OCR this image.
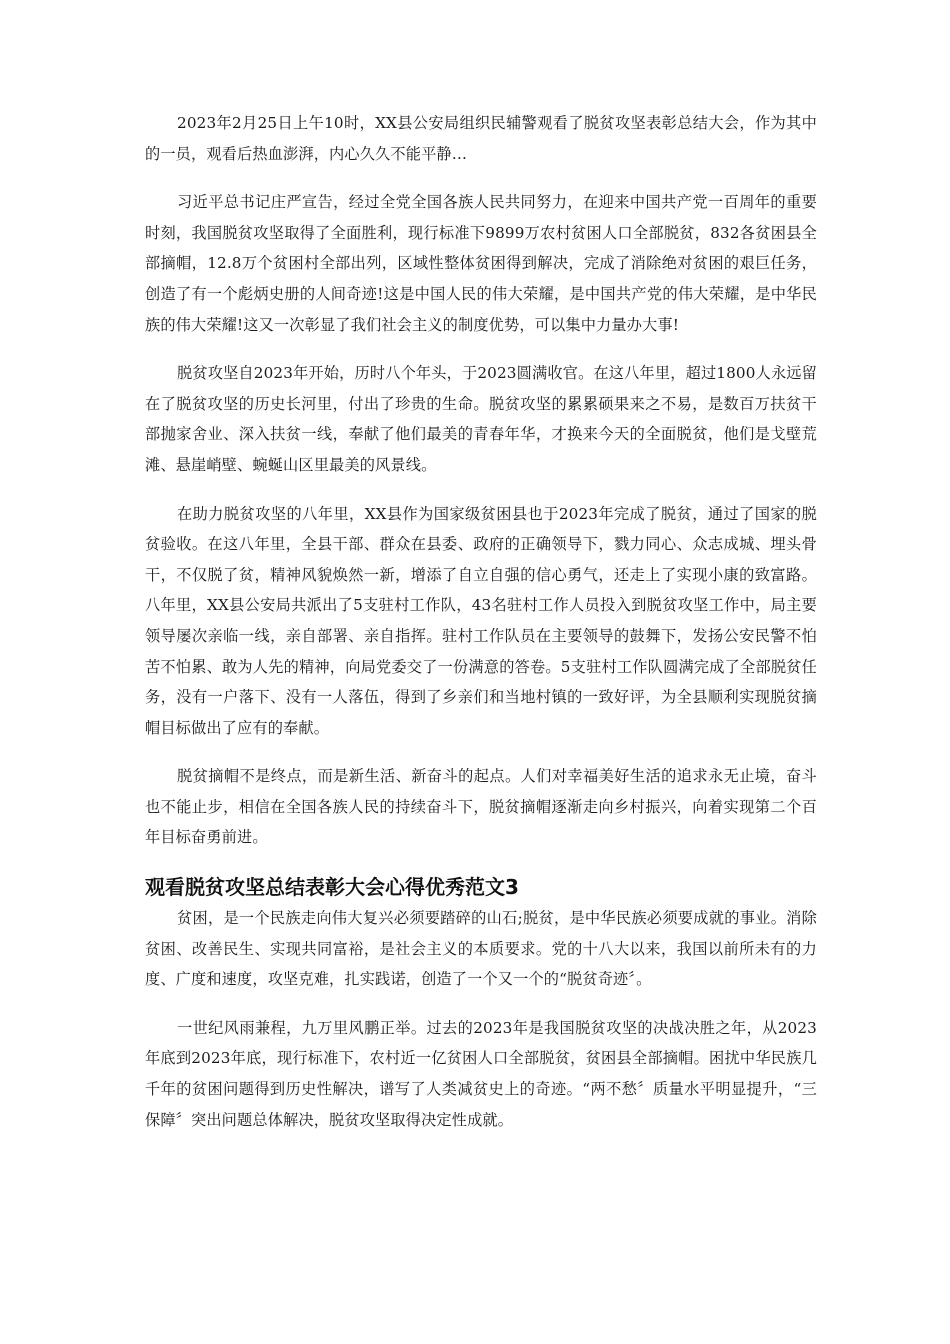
2023年2月25日上午10时，XX县公安局组织民辅警观看了脱贫攻坚表彰总结大会，作为其中的一员，观看后热血澎湃，内心久久不能平静…

习近平总书记庄严宣告，经过全党全国各族人民共同努力，在迎来中国共产党一百周年的重要时刻，我国脱贫攻坚取得了全面胜利，现行标准下9899万农村贫困人口全部脱贫，832各贫困县全部摘帽，12.8万个贫困村全部出列，区域性整体贫困得到解决，完成了消除绝对贫困的艰巨任务，创造了有一个彪炳史册的人间奇迹!这是中国人民的伟大荣耀，是中国共产党的伟大荣耀，是中华民族的伟大荣耀!这又一次彰显了我们社会主义的制度优势，可以集中力量办大事!

脱贫攻坚自2023年开始，历时八个年头，于2023圆满收官。在这八年里，超过1800人永远留在了脱贫攻坚的历史长河里，付出了珍贵的生命。脱贫攻坚的累累硕果来之不易，是数百万扶贫干部抛家舍业、深入扶贫一线，奉献了他们最美的青春年华，才换来今天的全面脱贫，他们是戈壁荒滩、悬崖峭壁、蜿蜒山区里最美的风景线。

在助力脱贫攻坚的八年里，XX县作为国家级贫困县也于2023年完成了脱贫，通过了国家的脱贫验收。在这八年里，全县干部、群众在县委、政府的正确领导下，戮力同心、众志成城、埋头骨干，不仅脱了贫，精神风貌焕然一新，增添了自立自强的信心勇气，还走上了实现小康的致富路。八年里，XX县公安局共派出了5支驻村工作队，43名驻村工作人员投入到脱贫攻坚工作中，局主要领导屡次亲临一线，亲自部署、亲自指挥。驻村工作队员在主要领导的鼓舞下，发扬公安民警不怕苦不怕累、敢为人先的精神，向局党委交了一份满意的答卷。5支驻村工作队圆满完成了全部脱贫任务，没有一户落下、没有一人落伍，得到了乡亲们和当地村镇的一致好评，为全县顺利实现脱贫摘帽目标做出了应有的奉献。

脱贫摘帽不是终点，而是新生活、新奋斗的起点。人们对幸福美好生活的追求永无止境，奋斗也不能止步，相信在全国各族人民的持续奋斗下，脱贫摘帽逐渐走向乡村振兴，向着实现第二个百年目标奋勇前进。

观看脱贫攻坚总结表彰大会心得优秀范文3

贫困，是一个民族走向伟大复兴必须要踏碎的山石;脱贫，是中华民族必须要成就的事业。消除贫困、改善民生、实现共同富裕，是社会主义的本质要求。党的十八大以来，我国以前所未有的力度、广度和速度，攻坚克难，扎实践诺，创造了一个又一个的“脱贫奇迹〞。

一世纪风雨兼程，九万里风鹏正举。过去的2023年是我国脱贫攻坚的决战决胜之年，从2023年底到2023年底，现行标准下，农村近一亿贫困人口全部脱贫，贫困县全部摘帽。困扰中华民族几千年的贫困问题得到历史性解决，谱写了人类减贫史上的奇迹。“两不愁〞质量水平明显提升，“三保障〞突出问题总体解决，脱贫攻坚取得决定性成就。
